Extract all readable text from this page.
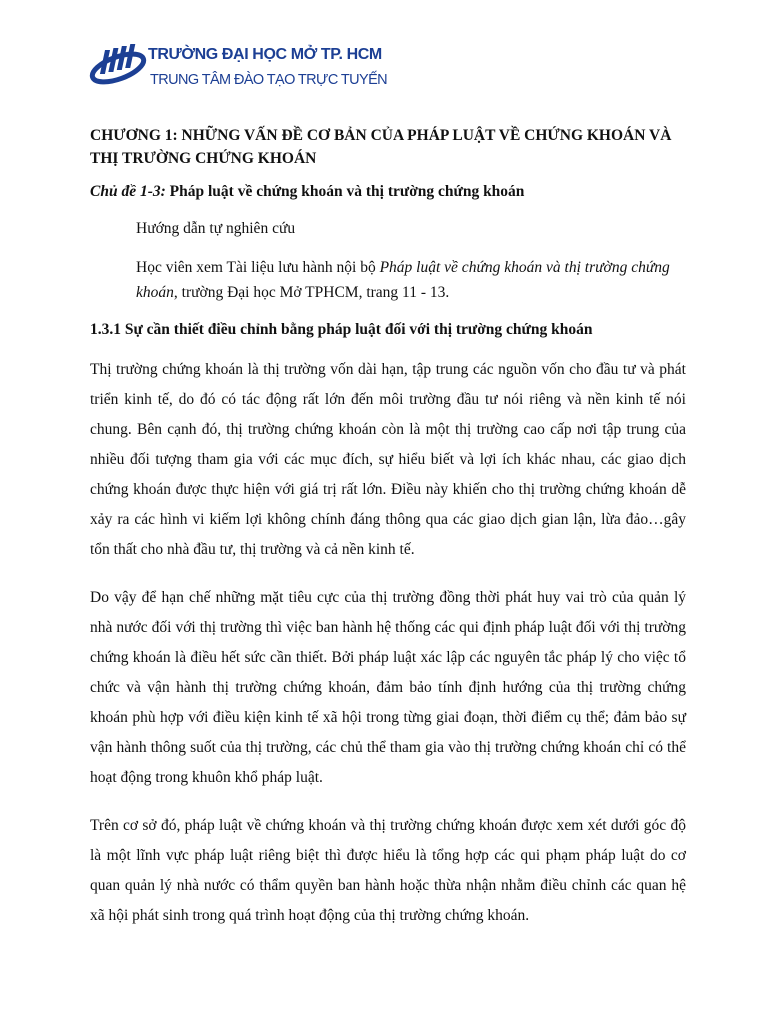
TRƯỜNG ĐẠI HỌC MỞ TP. HCM
TRUNG TÂM ĐÀO TẠO TRỰC TUYẾN

CHƯƠNG 1: NHỮNG VẤN ĐỀ CƠ BẢN CỦA PHÁP LUẬT VỀ CHỨNG KHOÁN VÀ THỊ TRƯỜNG CHỨNG KHOÁN

Chủ đề 1-3: Pháp luật về chứng khoán và thị trường chứng khoán

Hướng dẫn tự nghiên cứu

Học viên xem Tài liệu lưu hành nội bộ Pháp luật về chứng khoán và thị trường chứng khoán, trường Đại học Mở TPHCM, trang 11 - 13.

1.3.1 Sự cần thiết điều chỉnh bằng pháp luật đối với thị trường chứng khoán

Thị trường chứng khoán là thị trường vốn dài hạn, tập trung các nguồn vốn cho đầu tư và phát triển kinh tế, do đó có tác động rất lớn đến môi trường đầu tư nói riêng và nền kinh tế nói chung. Bên cạnh đó, thị trường chứng khoán còn là một thị trường cao cấp nơi tập trung của nhiều đối tượng tham gia với các mục đích, sự hiểu biết và lợi ích khác nhau, các giao dịch chứng khoán được thực hiện với giá trị rất lớn. Điều này khiến cho thị trường chứng khoán dễ xảy ra các hình vi kiếm lợi không chính đáng thông qua các giao dịch gian lận, lừa đảo…gây tổn thất cho nhà đầu tư, thị trường và cả nền kinh tế.

Do vậy để hạn chế những mặt tiêu cực của thị trường đồng thời phát huy vai trò của quản lý nhà nước đối với thị trường thì việc ban hành hệ thống các qui định pháp luật đối với thị trường chứng khoán là điều hết sức cần thiết. Bởi pháp luật xác lập các nguyên tắc pháp lý cho việc tổ chức và vận hành thị trường chứng khoán, đảm bảo tính định hướng của thị trường chứng khoán phù hợp với điều kiện kinh tế xã hội trong từng giai đoạn, thời điểm cụ thể; đảm bảo sự vận hành thông suốt của thị trường, các chủ thể tham gia vào thị trường chứng khoán chỉ có thể hoạt động trong khuôn khổ pháp luật.

Trên cơ sở đó, pháp luật về chứng khoán và thị trường chứng khoán được xem xét dưới góc độ là một lĩnh vực pháp luật riêng biệt thì được hiểu là tổng hợp các qui phạm pháp luật do cơ quan quản lý nhà nước có thẩm quyền ban hành hoặc thừa nhận nhằm điều chỉnh các quan hệ xã hội phát sinh trong quá trình hoạt động của thị trường chứng khoán.
